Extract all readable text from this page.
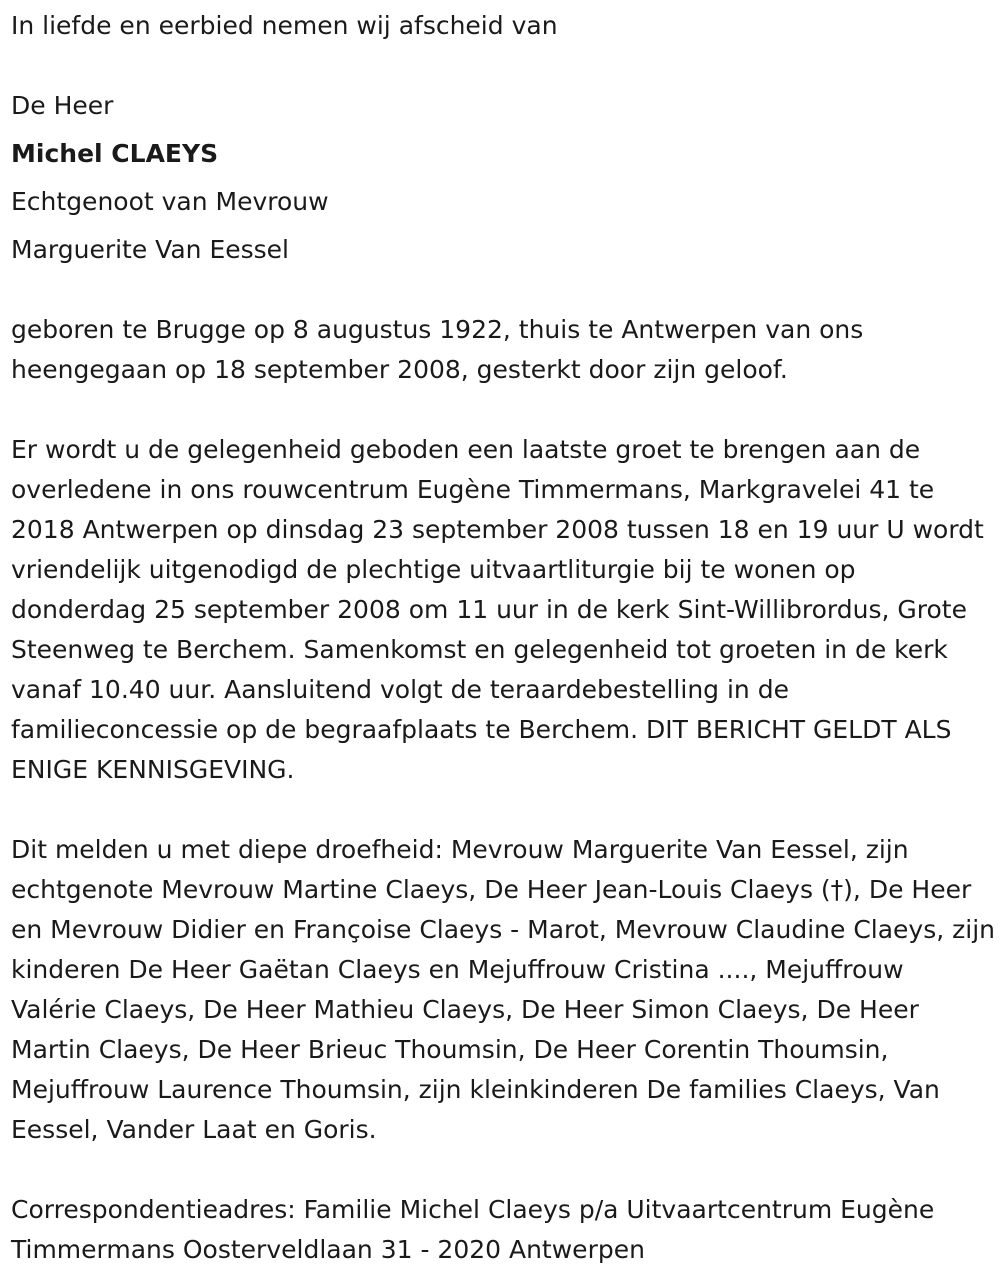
In liefde en eerbied nemen wij afscheid van

De Heer

Michel CLAEYS

Echtgenoot van Mevrouw

Marguerite Van Eessel

geboren te Brugge op 8 augustus 1922, thuis te Antwerpen van ons heengegaan op 18 september 2008, gesterkt door zijn geloof.

Er wordt u de gelegenheid geboden een laatste groet te brengen aan de overledene in ons rouwcentrum Eugène Timmermans, Markgravelei 41 te 2018 Antwerpen op dinsdag 23 september 2008 tussen 18 en 19 uur U wordt vriendelijk uitgenodigd de plechtige uitvaartliturgie bij te wonen op donderdag 25 september 2008 om 11 uur in de kerk Sint-Willibrordus, Grote Steenweg te Berchem. Samenkomst en gelegenheid tot groeten in de kerk vanaf 10.40 uur. Aansluitend volgt de teraardebestelling in de familieconcessie op de begraafplaats te Berchem. DIT BERICHT GELDT ALS ENIGE KENNISGEVING.

Dit melden u met diepe droefheid: Mevrouw Marguerite Van Eessel, zijn echtgenote Mevrouw Martine Claeys, De Heer Jean-Louis Claeys (†), De Heer en Mevrouw Didier en Françoise Claeys - Marot, Mevrouw Claudine Claeys, zijn kinderen De Heer Gaëtan Claeys en Mejuffrouw Cristina ...., Mejuffrouw Valérie Claeys, De Heer Mathieu Claeys, De Heer Simon Claeys, De Heer Martin Claeys, De Heer Brieuc Thoumsin, De Heer Corentin Thoumsin, Mejuffrouw Laurence Thoumsin, zijn kleinkinderen De families Claeys, Van Eessel, Vander Laat en Goris.

Correspondentieadres: Familie Michel Claeys p/a Uitvaartcentrum Eugène Timmermans Oosterveldlaan 31 - 2020 Antwerpen
